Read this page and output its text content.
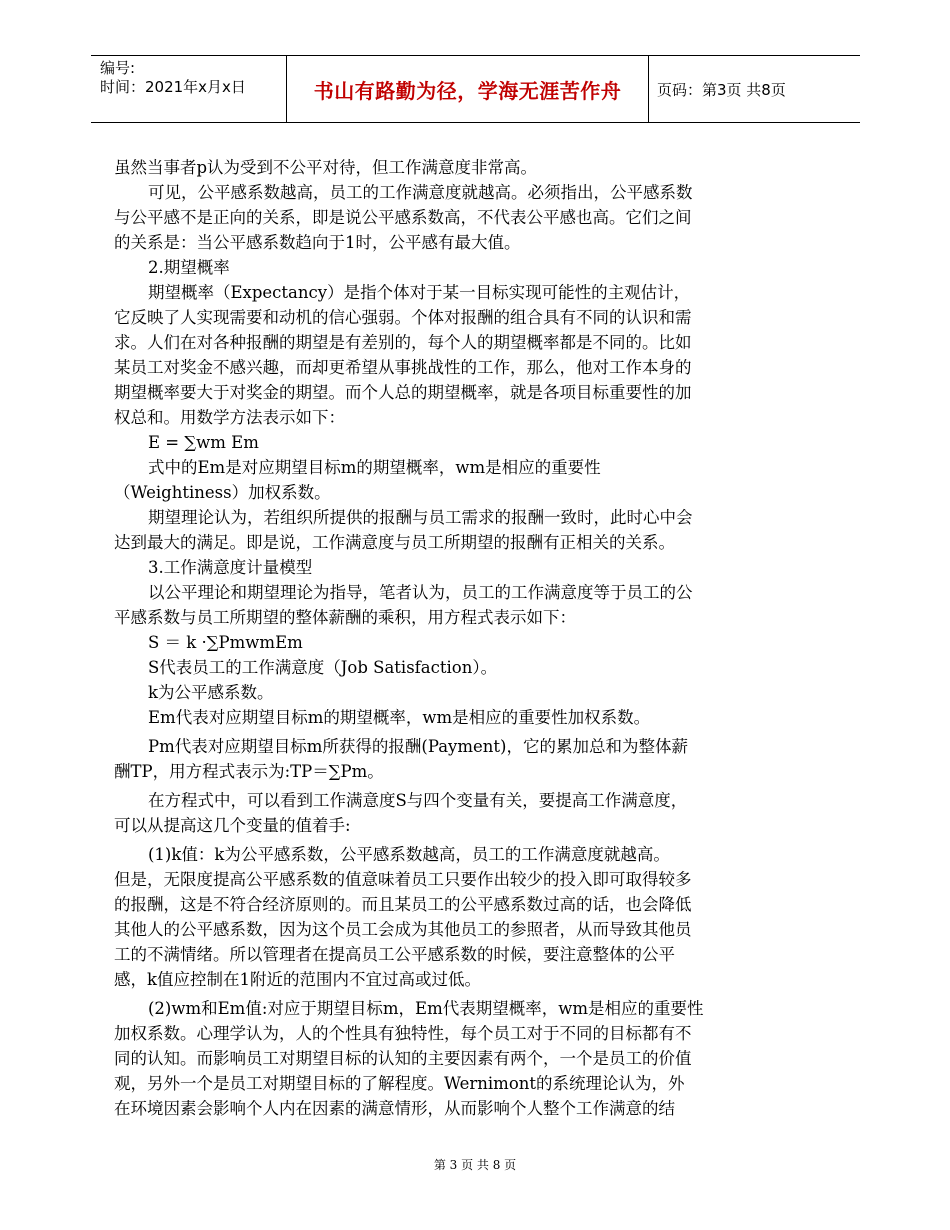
编号:
时间：2021年x月x日	书山有路勤为径，学海无涯苦作舟	页码：第3页 共8页
虽然当事者p认为受到不公平对待，但工作满意度非常高。
可见，公平感系数越高，员工的工作满意度就越高。必须指出，公平感系数
与公平感不是正向的关系，即是说公平感系数高，不代表公平感也高。它们之间
的关系是：当公平感系数趋向于1时，公平感有最大值。
2.期望概率
期望概率（Expectancy）是指个体对于某一目标实现可能性的主观估计，
它反映了人实现需要和动机的信心强弱。个体对报酬的组合具有不同的认识和需
求。人们在对各种报酬的期望是有差别的，每个人的期望概率都是不同的。比如
某员工对奖金不感兴趣，而却更希望从事挑战性的工作，那么，他对工作本身的
期望概率要大于对奖金的期望。而个人总的期望概率，就是各项目标重要性的加
权总和。用数学方法表示如下：
E = ∑wm Em
式中的Em是对应期望目标m的期望概率，wm是相应的重要性
（Weightiness）加权系数。
期望理论认为，若组织所提供的报酬与员工需求的报酬一致时，此时心中会
达到最大的满足。即是说，工作满意度与员工所期望的报酬有正相关的关系。
3.工作满意度计量模型
以公平理论和期望理论为指导，笔者认为，员工的工作满意度等于员工的公
平感系数与员工所期望的整体薪酬的乘积，用方程式表示如下：
S ＝ k ·∑PmwmEm
S代表员工的工作满意度（Job Satisfaction）。
k为公平感系数。
Em代表对应期望目标m的期望概率，wm是相应的重要性加权系数。
Pm代表对应期望目标m所获得的报酬(Payment)，它的累加总和为整体薪
酬TP，用方程式表示为:TP＝∑Pm。
在方程式中，可以看到工作满意度S与四个变量有关，要提高工作满意度，
可以从提高这几个变量的值着手:
(1)k值：k为公平感系数，公平感系数越高，员工的工作满意度就越高。
但是，无限度提高公平感系数的值意味着员工只要作出较少的投入即可取得较多
的报酬，这是不符合经济原则的。而且某员工的公平感系数过高的话，也会降低
其他人的公平感系数，因为这个员工会成为其他员工的参照者，从而导致其他员
工的不满情绪。所以管理者在提高员工公平感系数的时候，要注意整体的公平
感，k值应控制在1附近的范围内不宜过高或过低。
(2)wm和Em值:对应于期望目标m，Em代表期望概率，wm是相应的重要性
加权系数。心理学认为，人的个性具有独特性，每个员工对于不同的目标都有不
同的认知。而影响员工对期望目标的认知的主要因素有两个，一个是员工的价值
观，另外一个是员工对期望目标的了解程度。Wernimont的系统理论认为，外
在环境因素会影响个人内在因素的满意情形，从而影响个人整个工作满意的结
第 3 页 共 8 页
